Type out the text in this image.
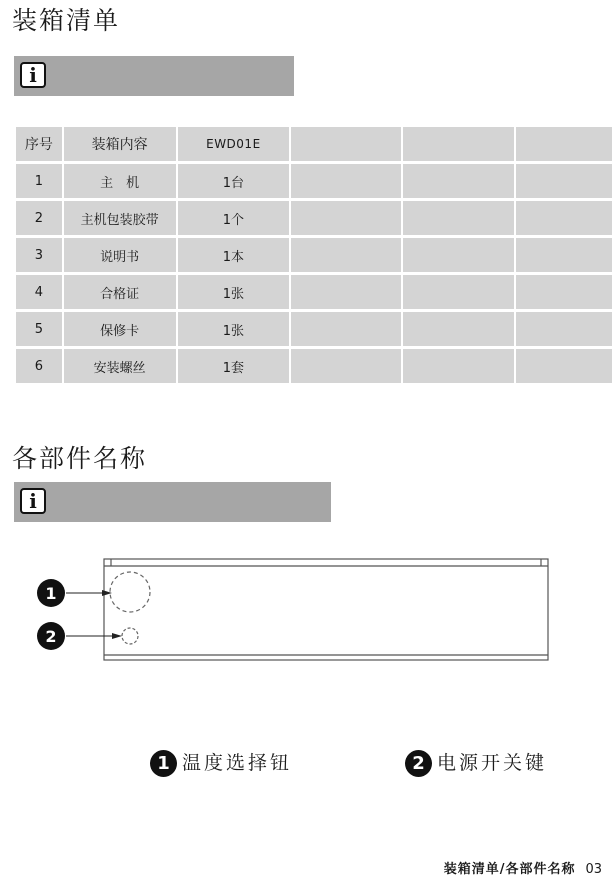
装箱清单
i
序号	装箱内容	EWD01E			
1	主　机	1台			
2	主机包装胶带	1个			
3	说明书	1本			
4	合格证	1张			
5	保修卡	1张			
6	安装螺丝	1套			
各部件名称
i
1
2
1 温度选择钮	2 电源开关键
装箱清单/各部件名称 03
